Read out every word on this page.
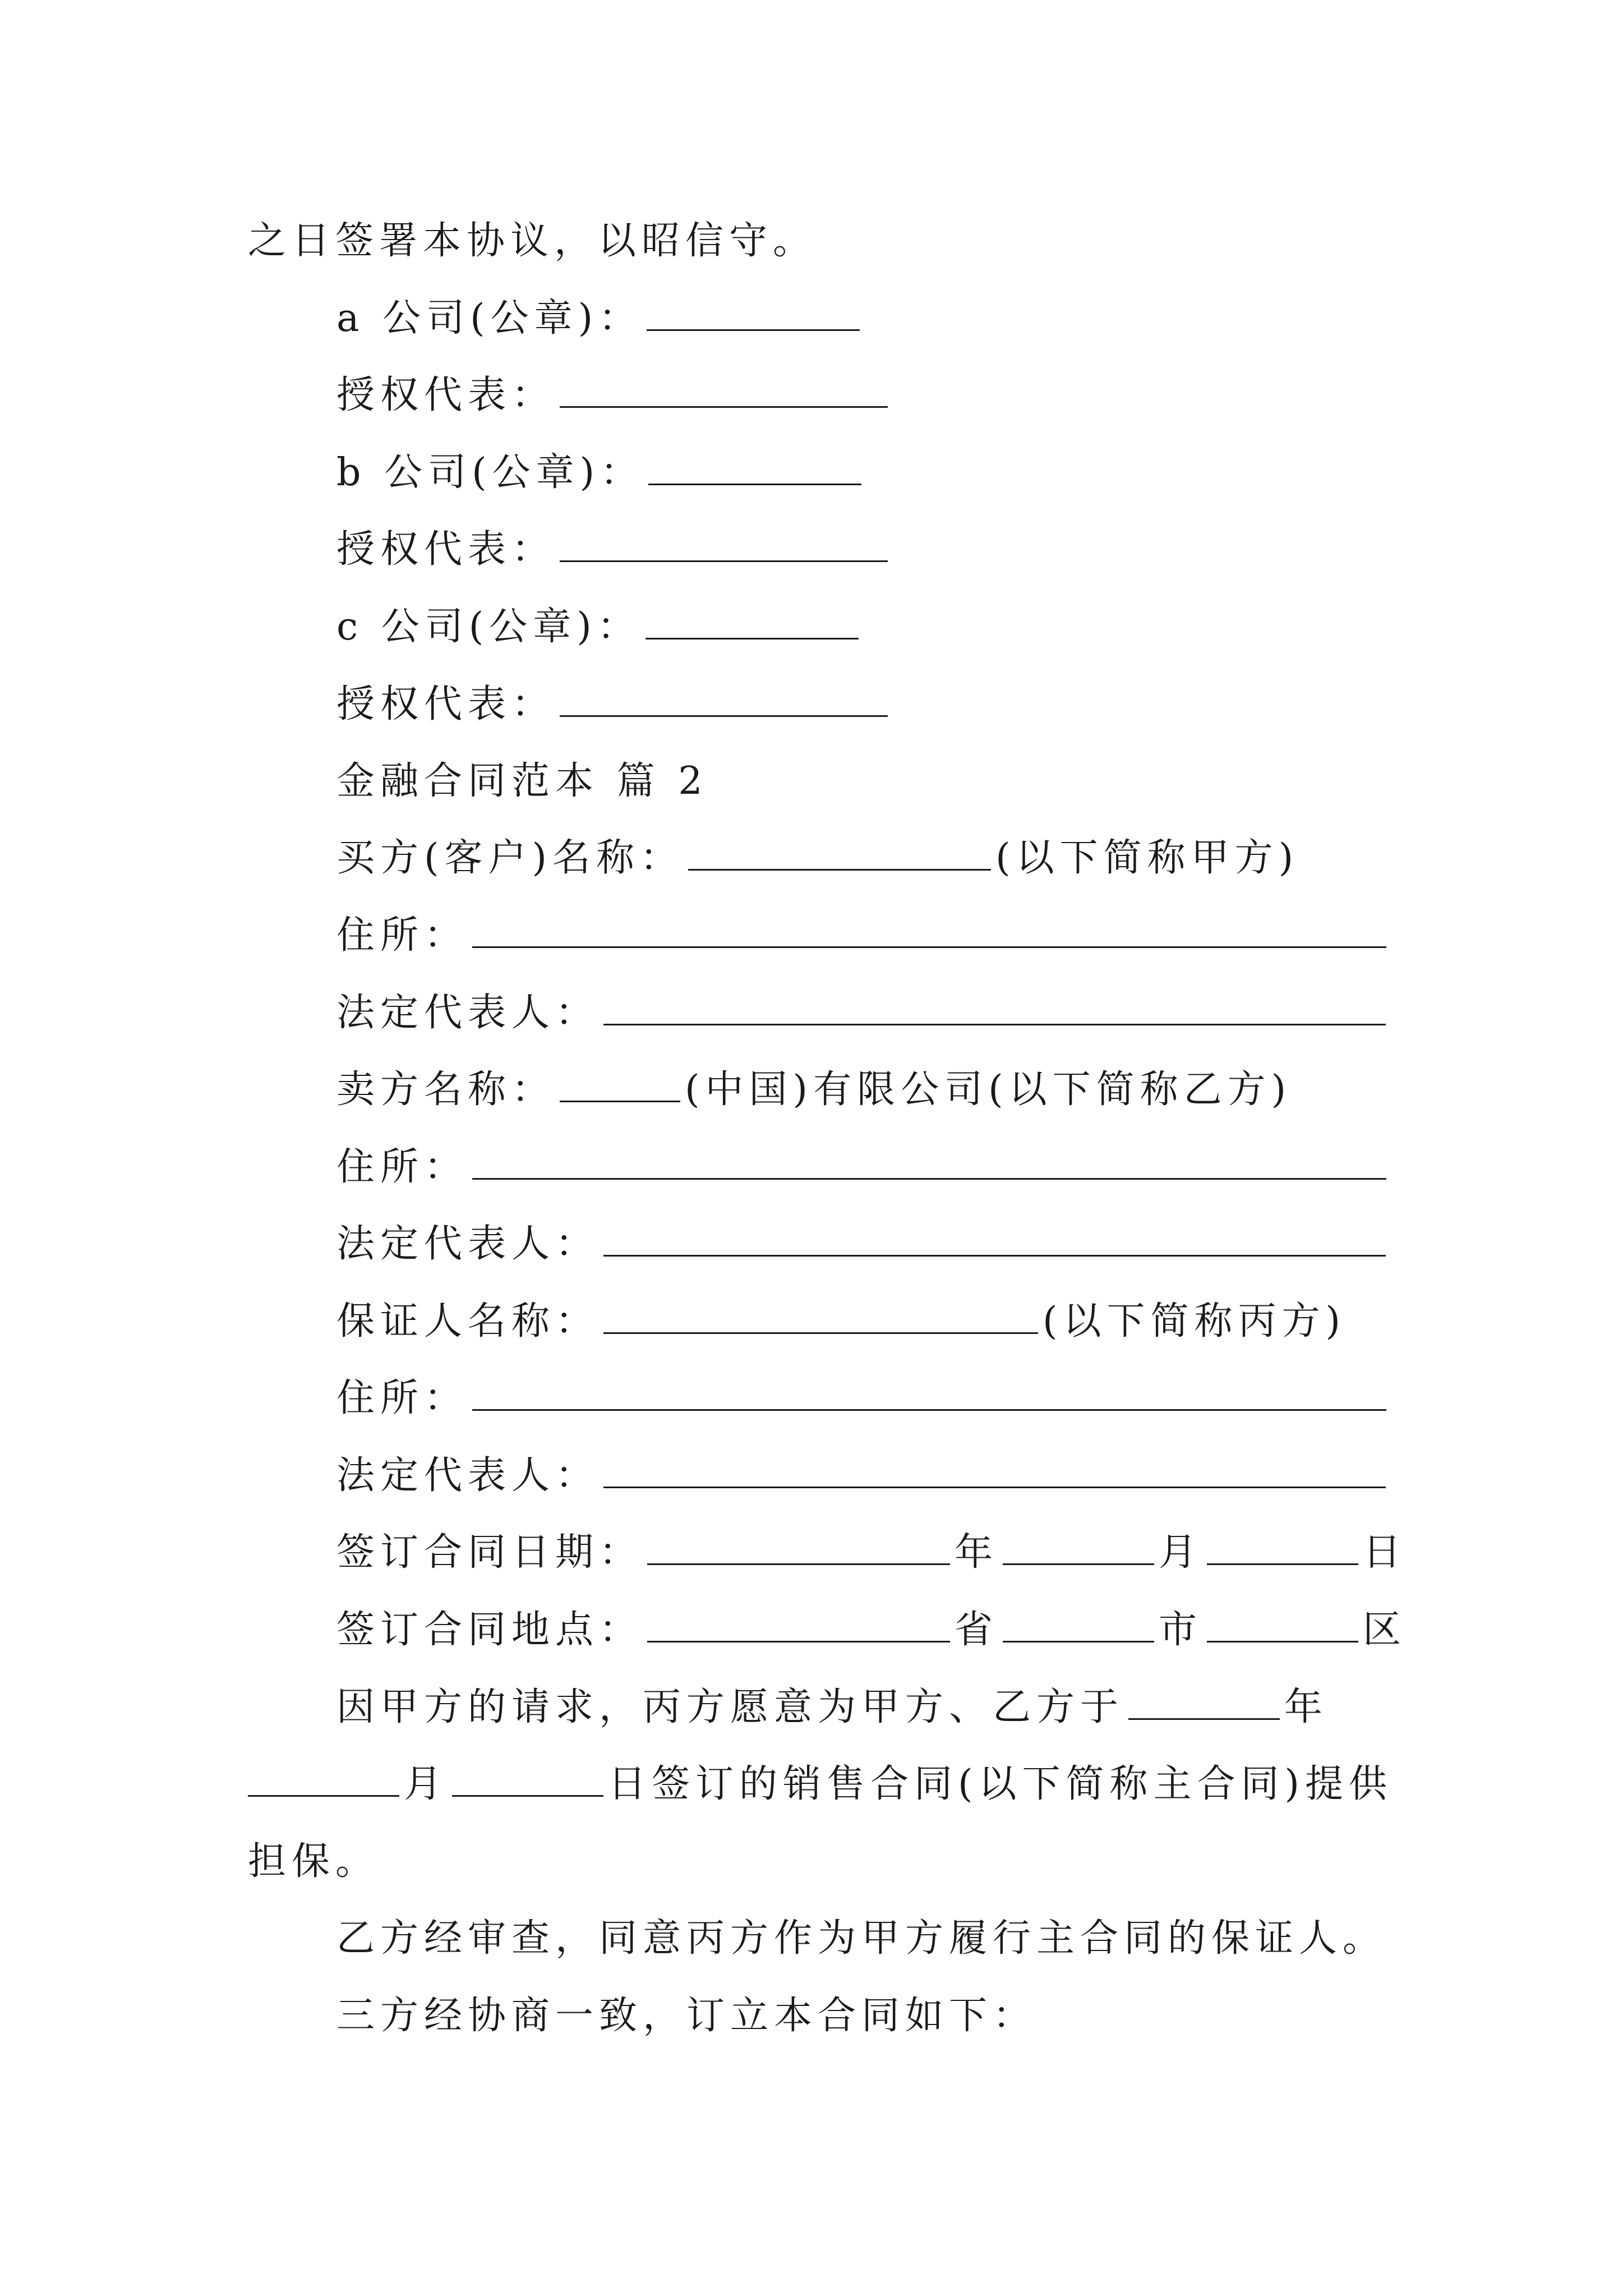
之日签署本协议，以昭信守。
a 公司(公章)：
授权代表：
b 公司(公章)：
授权代表：
c 公司(公章)：
授权代表：
金融合同范本 篇 2
买方(客户)名称：	(以下简称甲方)
住所：
法定代表人：
卖方名称：	(中国)有限公司(以下简称乙方)
住所：
法定代表人：
保证人名称：	(以下简称丙方)
住所：
法定代表人：
签订合同日期：	年	月	日
签订合同地点：	省	市	区
因甲方的请求，丙方愿意为甲方、乙方于	年
月	日签订的销售合同(以下简称主合同)提供
担保。
乙方经审查，同意丙方作为甲方履行主合同的保证人。
三方经协商一致，订立本合同如下：
